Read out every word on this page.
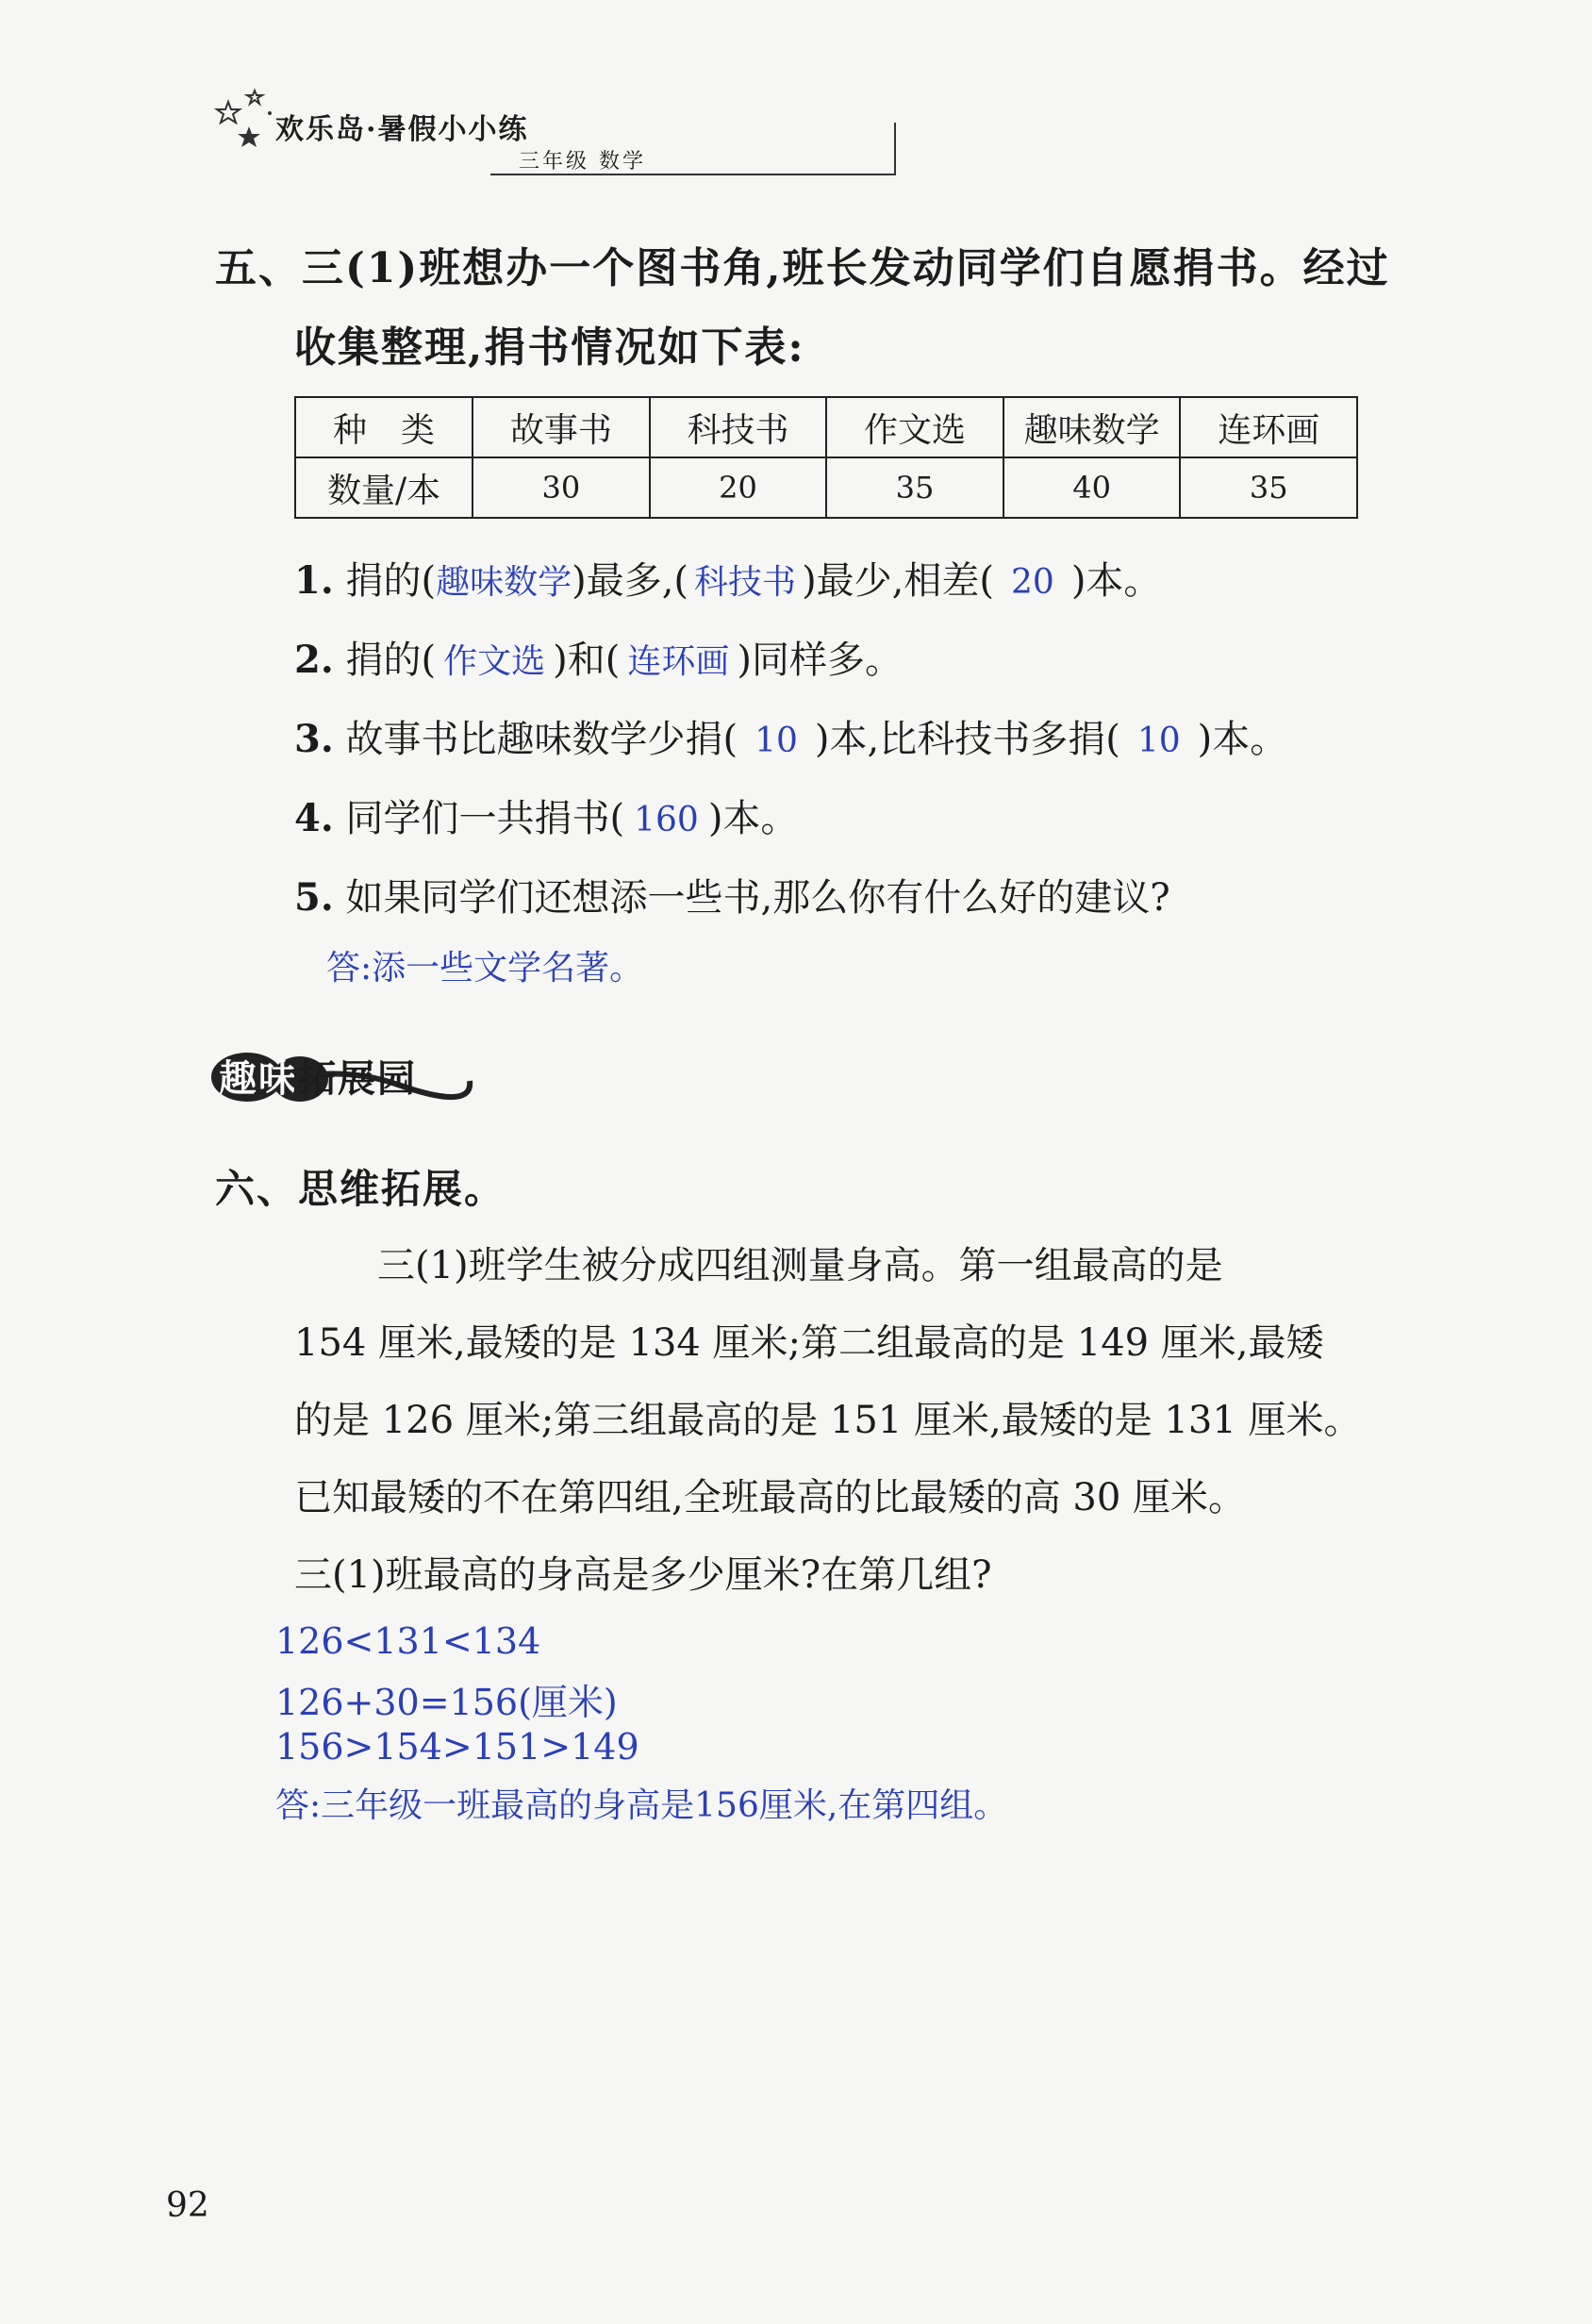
欢乐岛·暑假小小练
三年级 数学
五、三(1)班想办一个图书角,班长发动同学们自愿捐书。经过
收集整理,捐书情况如下表:
种　类	故事书	科技书	作文选	趣味数学	连环画
数量/本	30	20	35	40	35
1. 捐的(趣味数学)最多,( 科技书 )最少,相差( 20 )本。
2. 捐的( 作文选 )和( 连环画 )同样多。
3. 故事书比趣味数学少捐( 10 )本,比科技书多捐( 10 )本。
4. 同学们一共捐书( 160 )本。
5. 如果同学们还想添一些书,那么你有什么好的建议?
答:添一些文学名著。
趣味拓展园
六、思维拓展。
三(1)班学生被分成四组测量身高。第一组最高的是
154 厘米,最矮的是 134 厘米;第二组最高的是 149 厘米,最矮
的是 126 厘米;第三组最高的是 151 厘米,最矮的是 131 厘米。
已知最矮的不在第四组,全班最高的比最矮的高 30 厘米。
三(1)班最高的身高是多少厘米?在第几组?
126<131<134
126+30=156(厘米)
156>154>151>149
答:三年级一班最高的身高是156厘米,在第四组。
92
